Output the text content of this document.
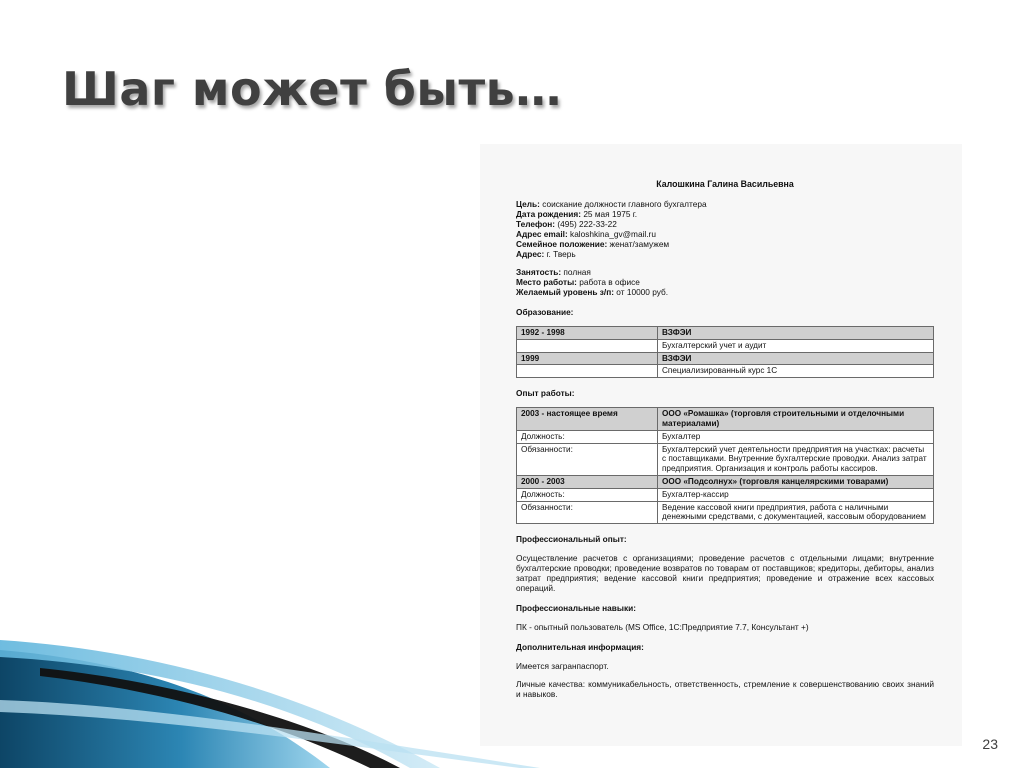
Шаг может быть…
Калошкина Галина Васильевна

Цель: соискание должности главного бухгалтера

Дата рождения: 25 мая 1975 г.

Телефон: (495) 222-33-22

Адрес email: kaloshkina_gv@mail.ru

Семейное положение: женат/замужем

Адрес: г. Тверь

Занятость: полная

Место работы: работа в офисе

Желаемый уровень з/п: от 10000 руб.

Образование:
1992 - 1998	ВЗФЭИ
	Бухгалтерский учет и аудит
1999	ВЗФЭИ
	Специализированный курс 1С
Опыт работы:
2003 - настоящее время	ООО «Ромашка» (торговля строительными и отделочными материалами)
Должность:	Бухгалтер
Обязанности:	Бухгалтерский учет деятельности предприятия на участках: расчеты с поставщиками. Внутренние бухгалтерские проводки. Анализ затрат предприятия. Организация и контроль работы кассиров.
2000 - 2003	ООО «Подсолнух» (торговля канцелярскими товарами)
Должность:	Бухгалтер-кассир
Обязанности:	Ведение кассовой книги предприятия, работа с наличными денежными средствами, с документацией, кассовым оборудованием
Профессиональный опыт:

Осуществление расчетов с организациями; проведение расчетов с отдельными лицами; внутренние бухгалтерские проводки; проведение возвратов по товарам от поставщиков; кредиторы, дебиторы, анализ затрат предприятия; ведение кассовой книги предприятия; проведение и отражение всех кассовых операций.

Профессиональные навыки:

ПК - опытный пользователь (MS Office, 1С:Предприятие 7.7, Консультант +)

Дополнительная информация:

Имеется загранпаспорт.

Личные качества: коммуникабельность, ответственность, стремление к совершенствованию своих знаний и навыков.

23
